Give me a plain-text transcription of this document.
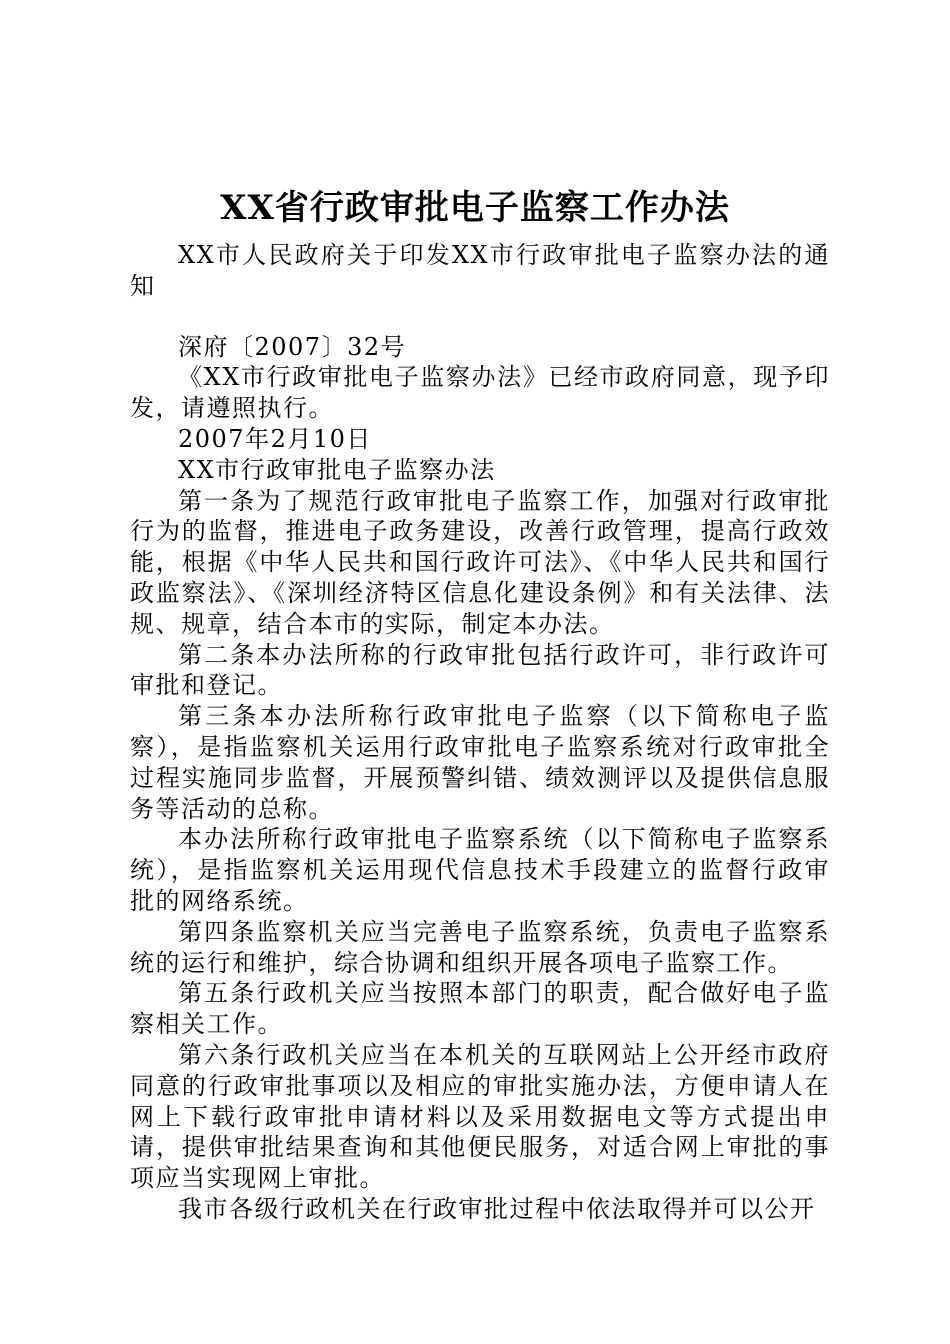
XX省行政审批电子监察工作办法

XX市人民政府关于印发XX市行政审批电子监察办法的通知

深府〔2007〕32号

《XX市行政审批电子监察办法》已经市政府同意，现予印发，请遵照执行。

2007年2月10日

XX市行政审批电子监察办法

第一条为了规范行政审批电子监察工作，加强对行政审批行为的监督，推进电子政务建设，改善行政管理，提高行政效能，根据《中华人民共和国行政许可法》、《中华人民共和国行政监察法》、《深圳经济特区信息化建设条例》和有关法律、法规、规章，结合本市的实际，制定本办法。

第二条本办法所称的行政审批包括行政许可，非行政许可审批和登记。

第三条本办法所称行政审批电子监察（以下简称电子监察），是指监察机关运用行政审批电子监察系统对行政审批全过程实施同步监督，开展预警纠错、绩效测评以及提供信息服务等活动的总称。

本办法所称行政审批电子监察系统（以下简称电子监察系统），是指监察机关运用现代信息技术手段建立的监督行政审批的网络系统。

第四条监察机关应当完善电子监察系统，负责电子监察系统的运行和维护，综合协调和组织开展各项电子监察工作。

第五条行政机关应当按照本部门的职责，配合做好电子监察相关工作。

第六条行政机关应当在本机关的互联网站上公开经市政府同意的行政审批事项以及相应的审批实施办法，方便申请人在网上下载行政审批申请材料以及采用数据电文等方式提出申请，提供审批结果查询和其他便民服务，对适合网上审批的事项应当实现网上审批。

我市各级行政机关在行政审批过程中依法取得并可以公开
